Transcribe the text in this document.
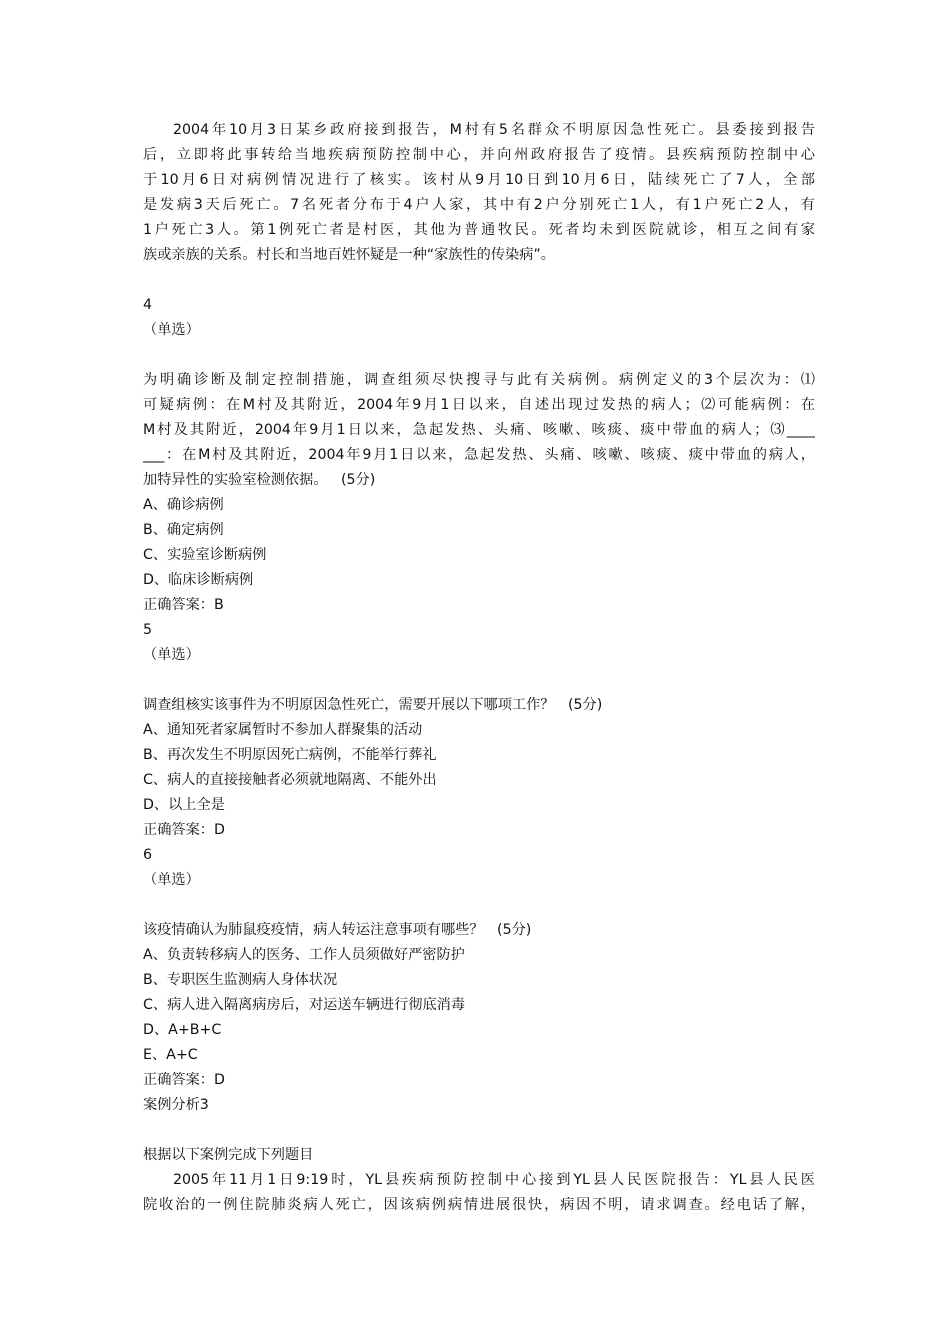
2004年10月3日某乡政府接到报告，M村有5名群众不明原因急性死亡。县委接到报告
后，立即将此事转给当地疾病预防控制中心，并向州政府报告了疫情。县疾病预防控制中心
于10月6日对病例情况进行了核实。该村从9月10日到10月6日，陆续死亡了7人，全部
是发病3天后死亡。7名死者分布于4户人家，其中有2户分别死亡1人，有1户死亡2人，有
1户死亡3人。第1例死亡者是村医，其他为普通牧民。死者均未到医院就诊，相互之间有家
族或亲族的关系。村长和当地百姓怀疑是一种“家族性的传染病”。
4
（单选）
为明确诊断及制定控制措施，调查组须尽快搜寻与此有关病例。病例定义的3个层次为：⑴
可疑病例：在M村及其附近，2004年9月1日以来，自述出现过发热的病人；⑵可能病例：在
M村及其附近，2004年9月1日以来，急起发热、头痛、咳嗽、咳痰、痰中带血的病人；⑶____
___：在M村及其附近，2004年9月1日以来，急起发热、头痛、咳嗽、咳痰、痰中带血的病人，
加特异性的实验室检测依据。   (5分)
A、确诊病例
B、确定病例
C、实验室诊断病例
D、临床诊断病例
正确答案：B
5
（单选）
调查组核实该事件为不明原因急性死亡，需要开展以下哪项工作？   (5分)
A、通知死者家属暂时不参加人群聚集的活动
B、再次发生不明原因死亡病例，不能举行葬礼
C、病人的直接接触者必须就地隔离、不能外出
D、以上全是
正确答案：D
6
（单选）
该疫情确认为肺鼠疫疫情，病人转运注意事项有哪些？   (5分)
A、负责转移病人的医务、工作人员须做好严密防护
B、专职医生监测病人身体状况
C、病人进入隔离病房后，对运送车辆进行彻底消毒
D、A+B+C
E、A+C
正确答案：D
案例分析3
根据以下案例完成下列题目
2005年11月1日9:19时，YL县疾病预防控制中心接到YL县人民医院报告：YL县人民医
院收治的一例住院肺炎病人死亡，因该病例病情进展很快，病因不明，请求调查。经电话了解，
